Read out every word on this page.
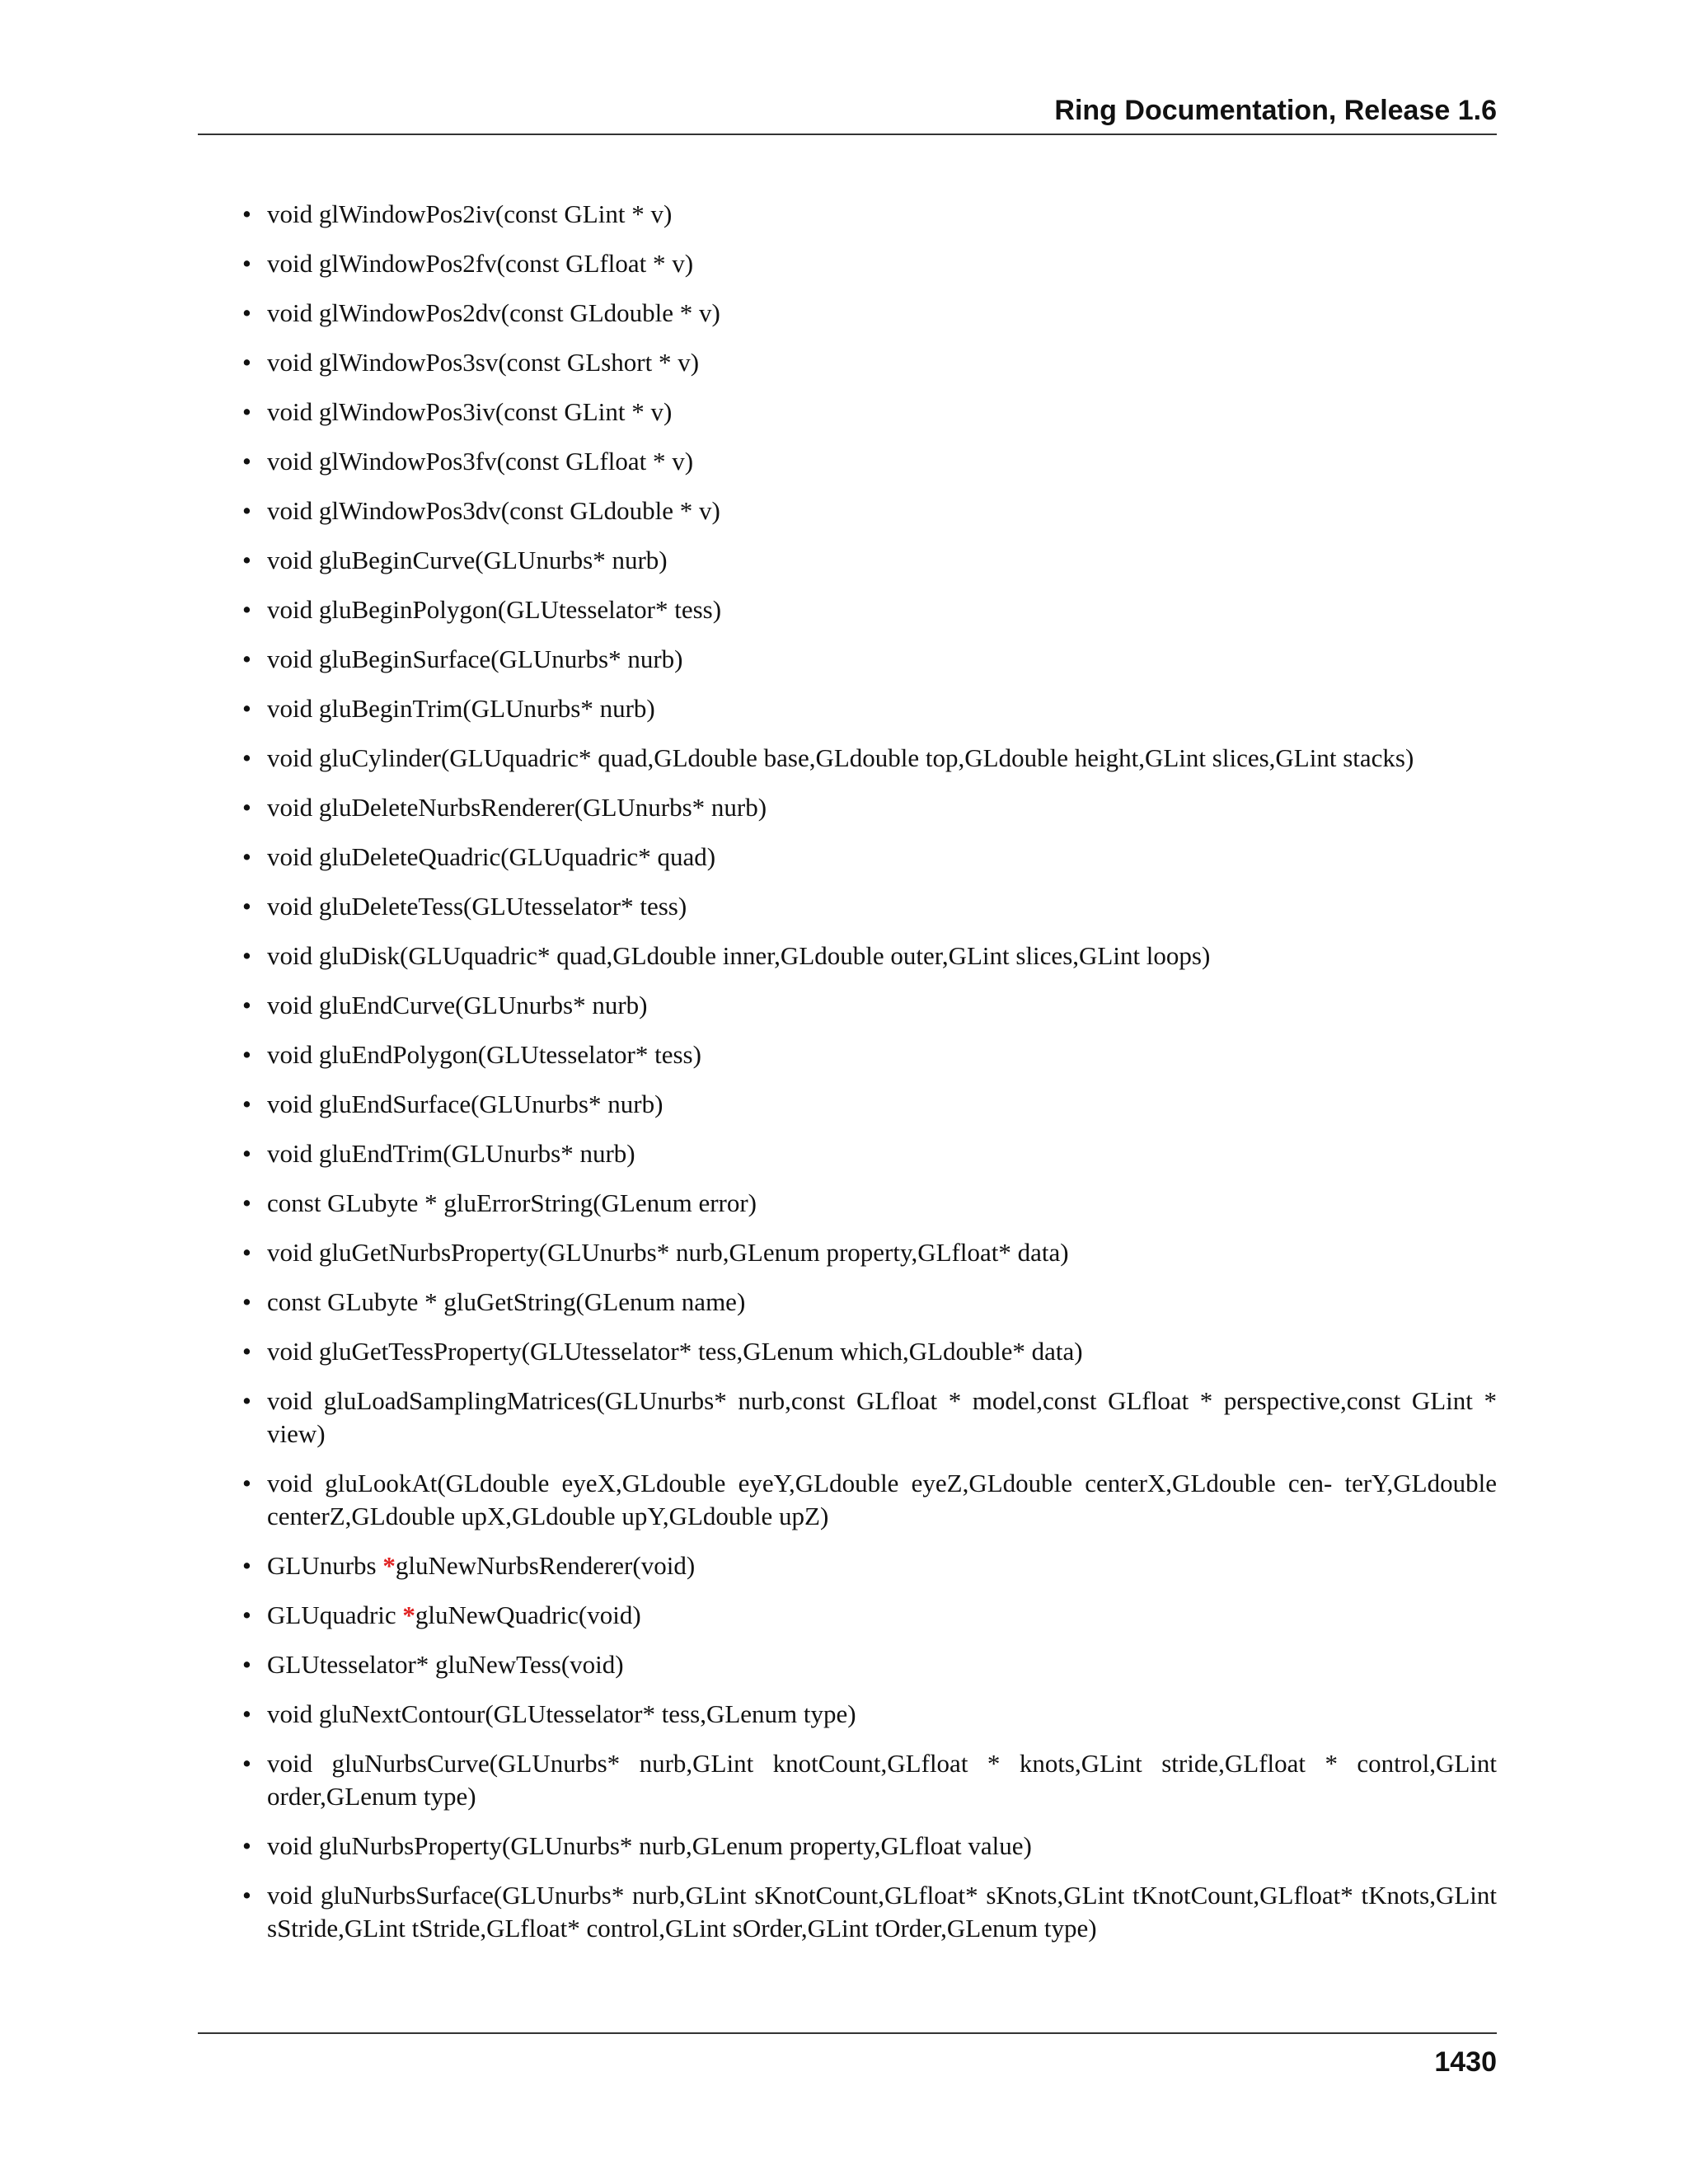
Ring Documentation, Release 1.6
• void glWindowPos2iv(const GLint * v)
• void glWindowPos2fv(const GLfloat * v)
• void glWindowPos2dv(const GLdouble * v)
• void glWindowPos3sv(const GLshort * v)
• void glWindowPos3iv(const GLint * v)
• void glWindowPos3fv(const GLfloat * v)
• void glWindowPos3dv(const GLdouble * v)
• void gluBeginCurve(GLUnurbs* nurb)
• void gluBeginPolygon(GLUtesselator* tess)
• void gluBeginSurface(GLUnurbs* nurb)
• void gluBeginTrim(GLUnurbs* nurb)
• void gluCylinder(GLUquadric* quad,GLdouble base,GLdouble top,GLdouble height,GLint slices,GLint stacks)
• void gluDeleteNurbsRenderer(GLUnurbs* nurb)
• void gluDeleteQuadric(GLUquadric* quad)
• void gluDeleteTess(GLUtesselator* tess)
• void gluDisk(GLUquadric* quad,GLdouble inner,GLdouble outer,GLint slices,GLint loops)
• void gluEndCurve(GLUnurbs* nurb)
• void gluEndPolygon(GLUtesselator* tess)
• void gluEndSurface(GLUnurbs* nurb)
• void gluEndTrim(GLUnurbs* nurb)
• const GLubyte * gluErrorString(GLenum error)
• void gluGetNurbsProperty(GLUnurbs* nurb,GLenum property,GLfloat* data)
• const GLubyte * gluGetString(GLenum name)
• void gluGetTessProperty(GLUtesselator* tess,GLenum which,GLdouble* data)
• void gluLoadSamplingMatrices(GLUnurbs* nurb,const GLfloat * model,const GLfloat * perspective,const GLint * view)
• void gluLookAt(GLdouble eyeX,GLdouble eyeY,GLdouble eyeZ,GLdouble centerX,GLdouble cen- terY,GLdouble centerZ,GLdouble upX,GLdouble upY,GLdouble upZ)
• GLUnurbs *gluNewNurbsRenderer(void)
• GLUquadric *gluNewQuadric(void)
• GLUtesselator* gluNewTess(void)
• void gluNextContour(GLUtesselator* tess,GLenum type)
• void gluNurbsCurve(GLUnurbs* nurb,GLint knotCount,GLfloat * knots,GLint stride,GLfloat * control,GLint order,GLenum type)
• void gluNurbsProperty(GLUnurbs* nurb,GLenum property,GLfloat value)
• void gluNurbsSurface(GLUnurbs* nurb,GLint sKnotCount,GLfloat* sKnots,GLint tKnotCount,GLfloat* tKnots,GLint sStride,GLint tStride,GLfloat* control,GLint sOrder,GLint tOrder,GLenum type)
1430
